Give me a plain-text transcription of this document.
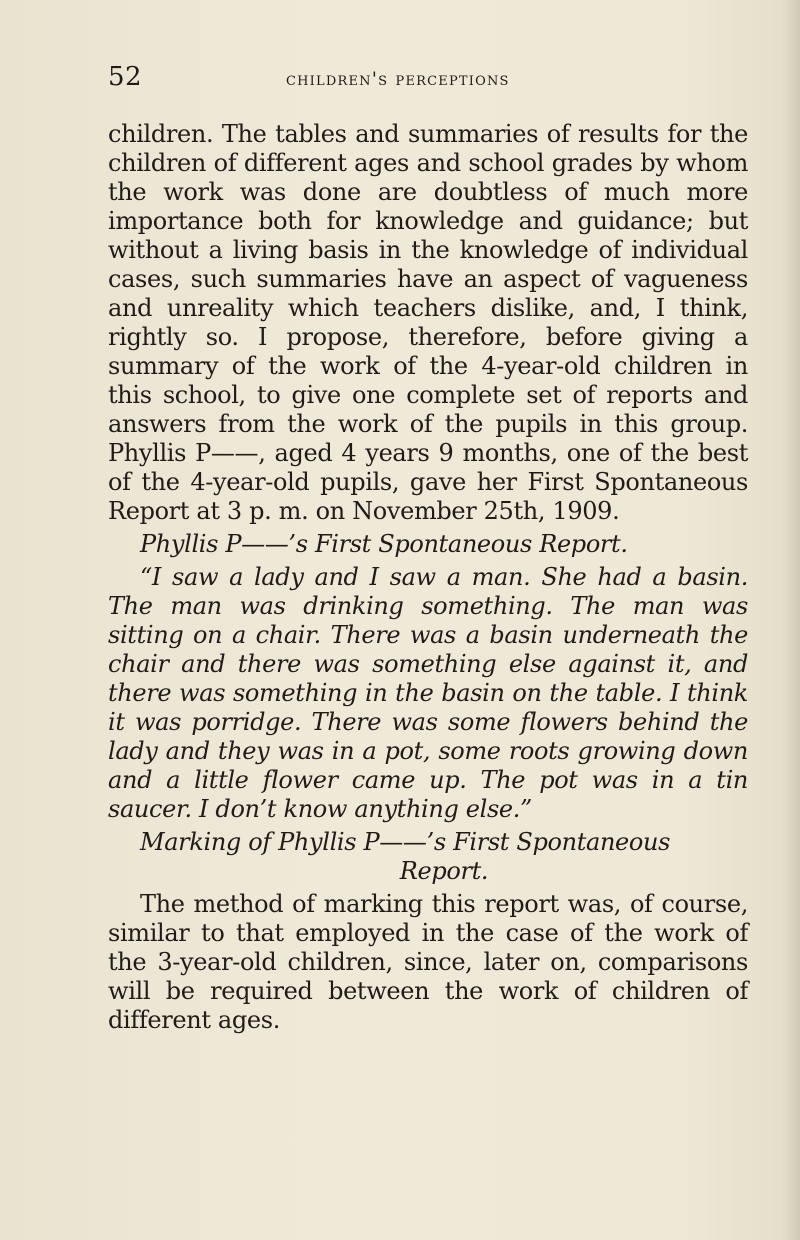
52	children's perceptions

children. The tables and summaries of results for the children of different ages and school grades by whom the work was done are doubtless of much more importance both for knowledge and guidance; but without a living basis in the knowledge of individual cases, such summaries have an aspect of vagueness and unreality which teachers dislike, and, I think, rightly so. I propose, therefore, before giving a summary of the work of the 4-year-old children in this school, to give one complete set of reports and answers from the work of the pupils in this group. Phyllis P——, aged 4 years 9 months, one of the best of the 4-year-old pupils, gave her First Spontaneous Report at 3 p. m. on November 25th, 1909.

Phyllis P——’s First Spontaneous Report.

“I saw a lady and I saw a man. She had a basin. The man was drinking something. The man was sitting on a chair. There was a basin underneath the chair and there was something else against it, and there was something in the basin on the table. I think it was porridge. There was some flowers behind the lady and they was in a pot, some roots growing down and a little flower came up. The pot was in a tin saucer. I don’t know anything else.”

Marking of Phyllis P——’s First Spontaneous
Report.

The method of marking this report was, of course, similar to that employed in the case of the work of the 3-year-old children, since, later on, comparisons will be required between the work of children of different ages.
